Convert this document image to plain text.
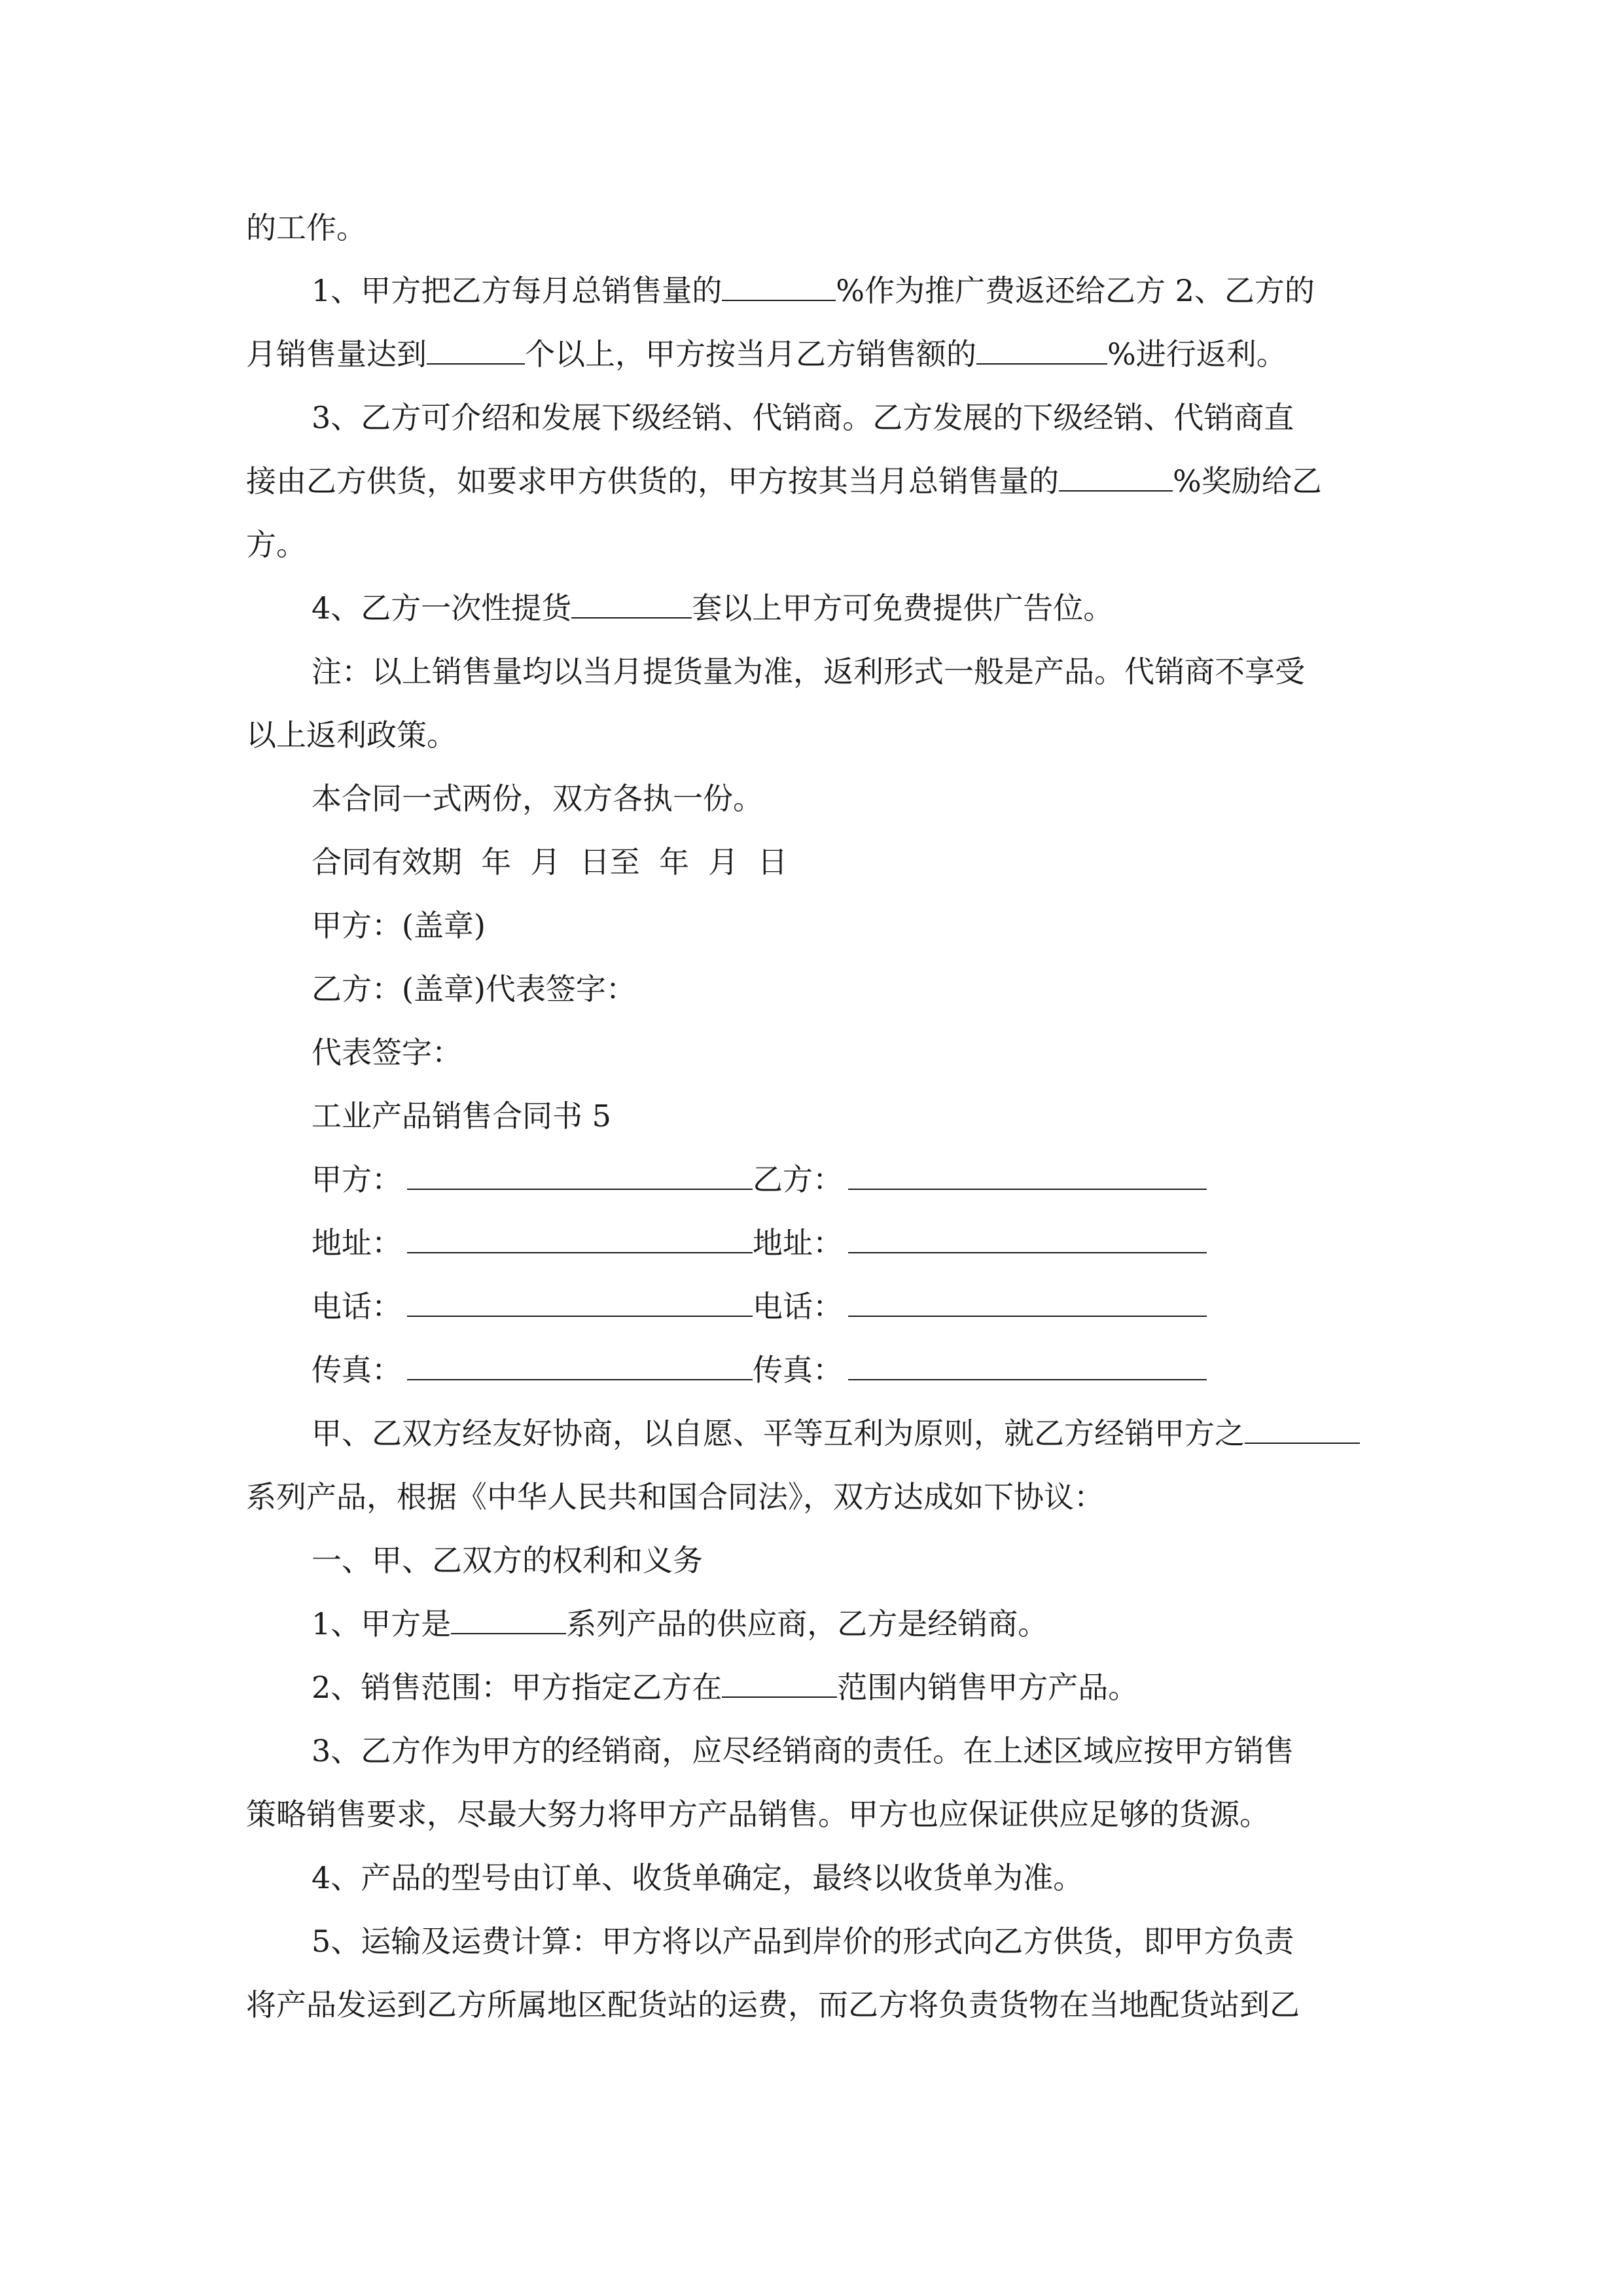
的工作。
1、甲方把乙方每月总销售量的	%作为推广费返还给乙方 2、乙方的
月销售量达到	个以上，甲方按当月乙方销售额的	%进行返利。
3、乙方可介绍和发展下级经销、代销商。乙方发展的下级经销、代销商直
接由乙方供货，如要求甲方供货的，甲方按其当月总销售量的	%奖励给乙
方。
4、乙方一次性提货	套以上甲方可免费提供广告位。
注：以上销售量均以当月提货量为准，返利形式一般是产品。代销商不享受
以上返利政策。
本合同一式两份，双方各执一份。
合同有效期  年  月  日至  年  月  日
甲方：(盖章)
乙方：(盖章)代表签字：
代表签字：
工业产品销售合同书 5
甲方：	乙方：
地址：	地址：
电话：	电话：
传真：	传真：
甲、乙双方经友好协商，以自愿、平等互利为原则，就乙方经销甲方之
系列产品，根据《中华人民共和国合同法》，双方达成如下协议：
一、甲、乙双方的权利和义务
1、甲方是	系列产品的供应商，乙方是经销商。
2、销售范围：甲方指定乙方在	范围内销售甲方产品。
3、乙方作为甲方的经销商，应尽经销商的责任。在上述区域应按甲方销售
策略销售要求，尽最大努力将甲方产品销售。甲方也应保证供应足够的货源。
4、产品的型号由订单、收货单确定，最终以收货单为准。
5、运输及运费计算：甲方将以产品到岸价的形式向乙方供货，即甲方负责
将产品发运到乙方所属地区配货站的运费，而乙方将负责货物在当地配货站到乙
